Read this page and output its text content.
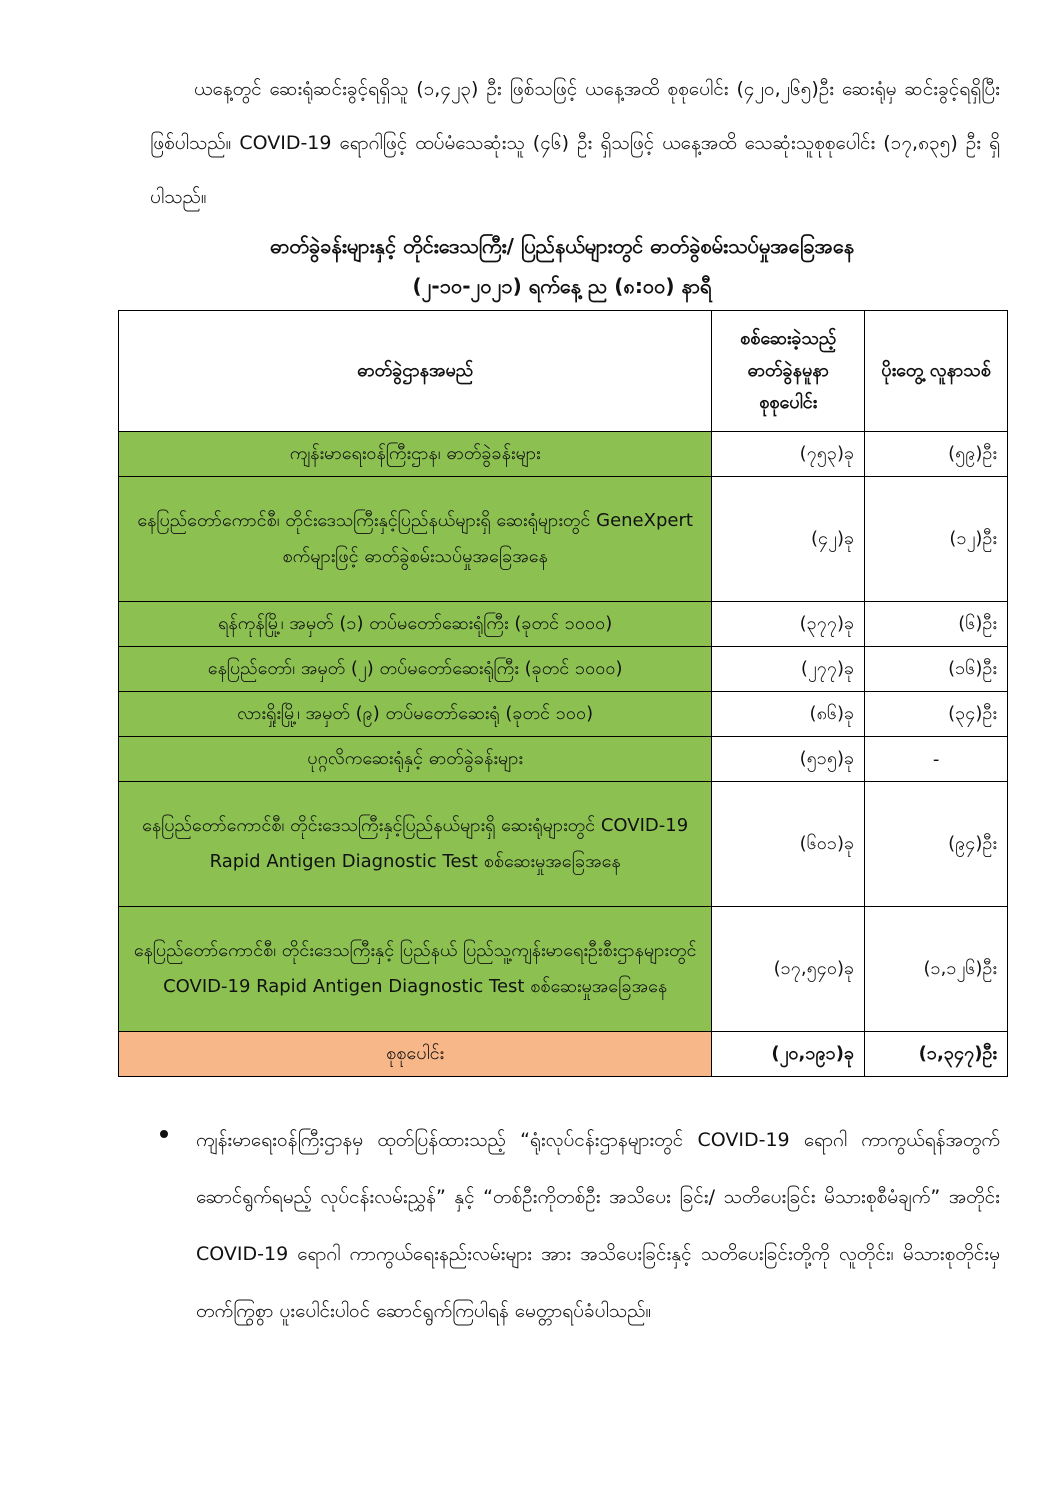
ယနေ့တွင် ဆေးရုံဆင်းခွင့်ရရှိသူ (၁,၄၂၃) ဦး ဖြစ်သဖြင့် ယနေ့အထိ စုစုပေါင်း (၄၂၀,၂၆၅)ဦး ဆေးရုံမှ ဆင်းခွင့်ရရှိပြီး ဖြစ်ပါသည်။ COVID-19 ရောဂါဖြင့် ထပ်မံသေဆုံးသူ (၄၆) ဦး ရှိသဖြင့် ယနေ့အထိ သေဆုံးသူစုစုပေါင်း (၁၇,၈၃၅) ဦး ရှိပါသည်။

ဓာတ်ခွဲခန်းများနှင့် တိုင်းဒေသကြီး/ ပြည်နယ်များတွင် ဓာတ်ခွဲစမ်းသပ်မှုအခြေအနေ
(၂-၁၀-၂၀၂၁) ရက်နေ့ ည (၈:၀၀) နာရီ
ဓာတ်ခွဲဌာနအမည်	စစ်ဆေးခဲ့သည့် ဓာတ်ခွဲနမူနာ စုစုပေါင်း	ပိုးတွေ့ လူနာသစ်
ကျန်းမာရေးဝန်ကြီးဌာန၊ ဓာတ်ခွဲခန်းများ	(၇၅၃)ခု	(၅၉)ဦး
နေပြည်တော်ကောင်စီ၊ တိုင်းဒေသကြီးနှင့်ပြည်နယ်များရှိ ဆေးရုံများတွင် GeneXpert စက်များဖြင့် ဓာတ်ခွဲစမ်းသပ်မှုအခြေအနေ	(၄၂)ခု	(၁၂)ဦး
ရန်ကုန်မြို့၊ အမှတ် (၁) တပ်မတော်ဆေးရုံကြီး (ခုတင် ၁၀၀၀)	(၃၇၇)ခု	(၆)ဦး
နေပြည်တော်၊ အမှတ် (၂) တပ်မတော်ဆေးရုံကြီး (ခုတင် ၁၀၀၀)	(၂၇၇)ခု	(၁၆)ဦး
လားရှိုးမြို့၊ အမှတ် (၉) တပ်မတော်ဆေးရုံ (ခုတင် ၁၀၀)	(၈၆)ခု	(၃၄)ဦး
ပုဂ္ဂလိကဆေးရုံနှင့် ဓာတ်ခွဲခန်းများ	(၅၁၅)ခု	-
နေပြည်တော်ကောင်စီ၊ တိုင်းဒေသကြီးနှင့်ပြည်နယ်များရှိ ဆေးရုံများတွင် COVID-19 Rapid Antigen Diagnostic Test စစ်ဆေးမှုအခြေအနေ	(၆၀၁)ခု	(၉၄)ဦး
နေပြည်တော်ကောင်စီ၊ တိုင်းဒေသကြီးနှင့် ပြည်နယ် ပြည်သူ့ကျန်းမာရေးဦးစီးဌာနများတွင် COVID-19 Rapid Antigen Diagnostic Test စစ်ဆေးမှုအခြေအနေ	(၁၇,၅၄၀)ခု	(၁,၁၂၆)ဦး
စုစုပေါင်း	(၂၀,၁၉၁)ခု	(၁,၃၄၇)ဦး

ကျန်းမာရေးဝန်ကြီးဌာနမှ ထုတ်ပြန်ထားသည့် “ရုံးလုပ်ငန်းဌာနများတွင် COVID-19 ရောဂါ ကာကွယ်ရန်အတွက် ဆောင်ရွက်ရမည့် လုပ်ငန်းလမ်းညွှန်” နှင့် “တစ်ဦးကိုတစ်ဦး အသိပေး ခြင်း/ သတိပေးခြင်း မိသားစုစီမံချက်” အတိုင်း COVID-19 ရောဂါ ကာကွယ်ရေးနည်းလမ်းများ အား အသိပေးခြင်းနှင့် သတိပေးခြင်းတို့ကို လူတိုင်း၊ မိသားစုတိုင်းမှ တက်ကြွစွာ ပူးပေါင်းပါဝင် ဆောင်ရွက်ကြပါရန် မေတ္တာရပ်ခံပါသည်။
